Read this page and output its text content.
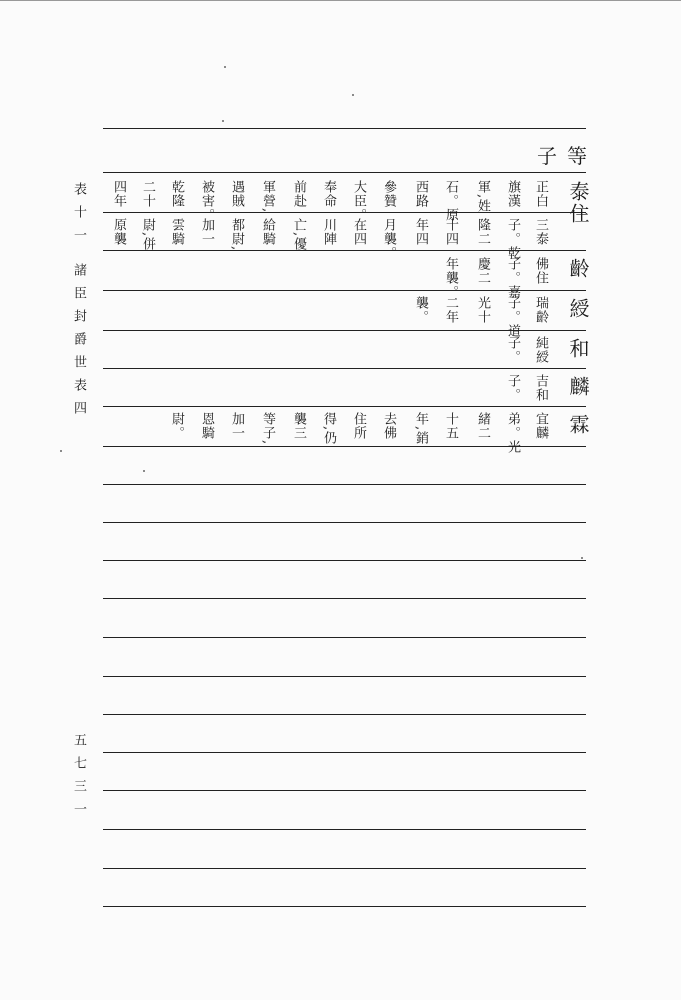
表十一
諸臣封爵世表四
五七三一
子等
泰住
齡
綬
和
麟
霖
正白
旗漢
軍,姓
石。原
西路
參贊
大臣。
奉命
前赴
軍營,
遇賊
被害。
乾隆
二十
四年
三泰
子。乾
隆二
十四
年四
月襲。
在四
川陣
亡,優
給騎
都尉,
加一
雲騎
尉,併
原襲
佛住
子。嘉
慶二
年襲。
瑞齡
子。道
光十
二年
襲。
純綬
子。
吉和
子。
宜麟
弟。光
緒二
十五
年,銷
去佛
住所
得,仍
襲三
等子,
加一
恩騎
尉。
